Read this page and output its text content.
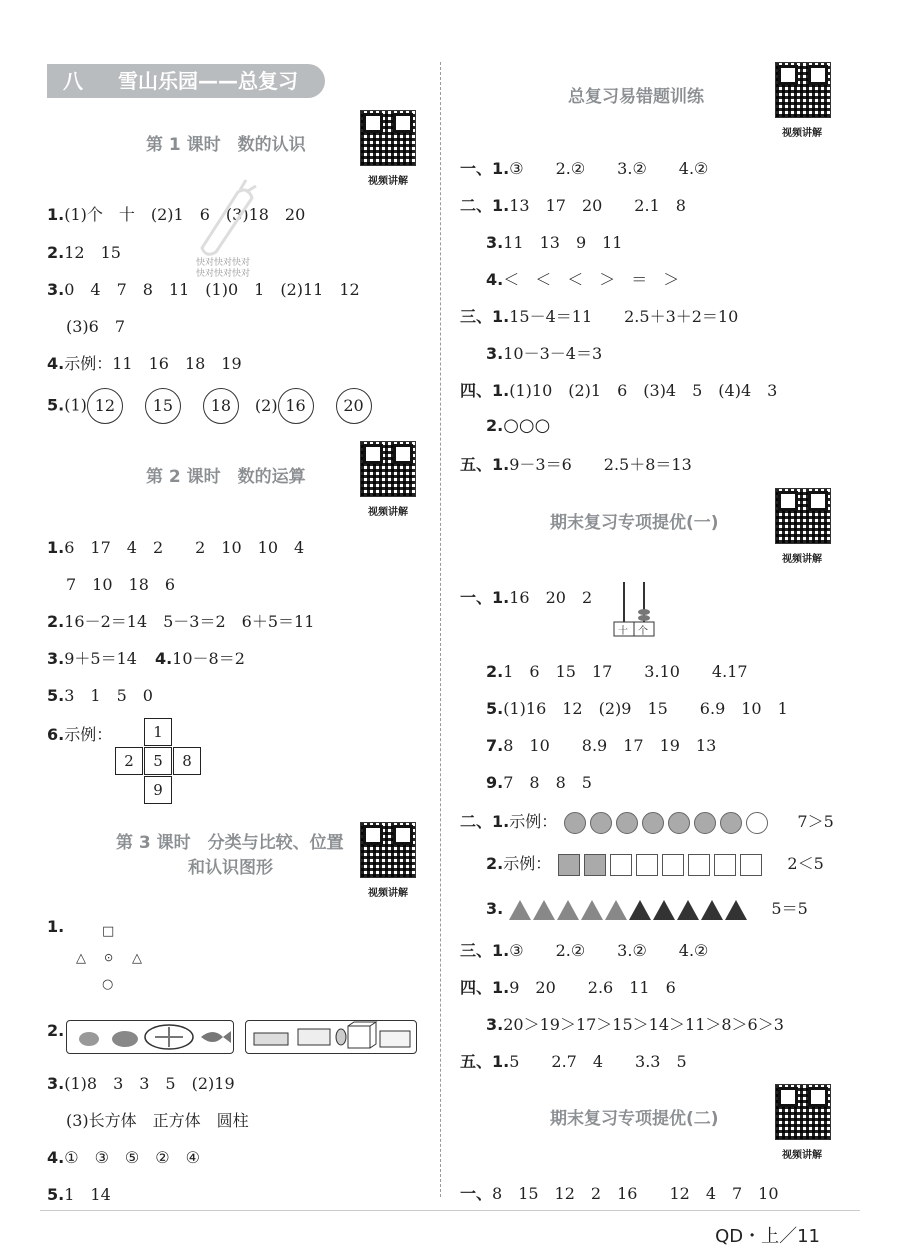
八 雪山乐园——总复习
第 1 课时　数的认识
视频讲解
1.(1)个　十　(2)1　6　(3)18　20
快对快对快对
快对快对快对
2.12　15
3.0　4　7　8　11　(1)0　1　(2)11　12
(3)6　7
4.示例：11　16　18　19
5.(1) 12 15 18 (2) 16 20
第 2 课时　数的运算
视频讲解
1.6　17　4　2　　2　10　10　4
7　10　18　6
2.16－2＝14　5－3＝2　6＋5＝11
3.9＋5＝14 4.10－8＝2
5.3　1　5　0
6.示例：	1
2	5	8
9
第 3 课时　分类与比较、位置
和认识图形
视频讲解
1.	□
△ ⊙ △
○
2.
3.(1)8　3　3　5　(2)19
(3)长方体　正方体　圆柱
4.①　③　⑤　②　④
5.1　14
总复习易错题训练
视频讲解
一、1.③　　2.②　　3.②　　4.②
二、1.13　17　20　　2.1　8
3.11　13　9　11
4.＜　＜　＜　＞　＝　＞
三、1.15－4＝11　　2.5＋3＋2＝10
3.10－3－4＝3
四、1.(1)10　(2)1　6　(3)4　5　(4)4　3
2.○○○
五、1.9－3＝6　　2.5＋8＝13
期末复习专项提优(一)
视频讲解
一、1.16　20　2
十 个
2.1　6　15　17　　3.10　　4.17
5.(1)16　12　(2)9　15　　6.9　10　1
7.8　10　　8.9　17　19　13
9.7　8　8　5
二、1.示例：	7＞5
2.示例：	2＜5
3.	5＝5
三、1.③　　2.②　　3.②　　4.②
四、1.9　20　　2.6　11　6
3.20＞19＞17＞15＞14＞11＞8＞6＞3
五、1.5　　2.7　4　　3.3　5
期末复习专项提优(二)
视频讲解
一、8　15　12　2　16　　12　4　7　10
QD・上／11
